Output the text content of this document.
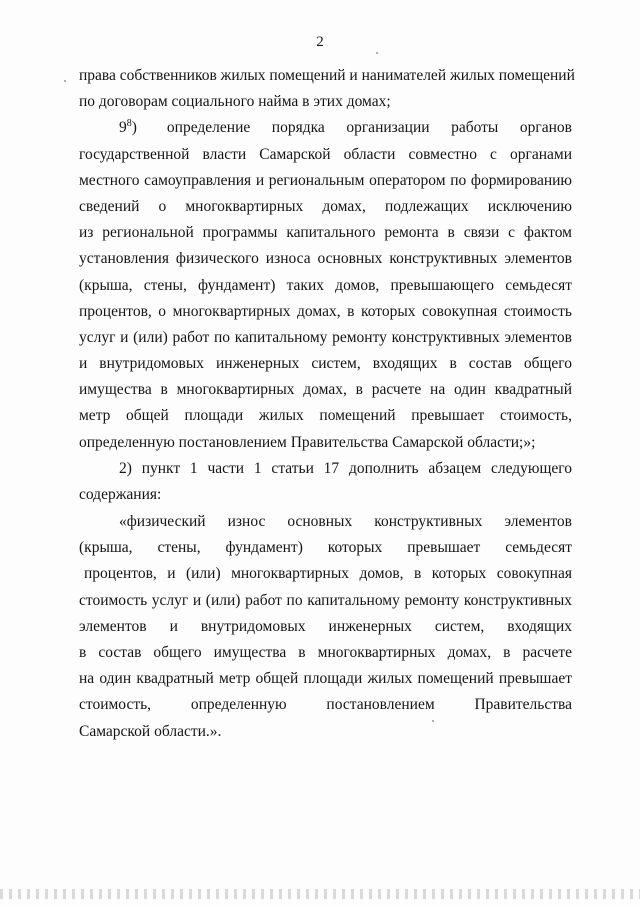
2
права собственников жилых помещений и нанимателей жилых помещений
по договорам социального найма в этих домах;
$9^8$) определение порядка организации работы органов
государственной власти Самарской области совместно с органами
местного самоуправления и региональным оператором по формированию
сведений о многоквартирных домах, подлежащих исключению
из региональной программы капитального ремонта в связи с фактом
установления физического износа основных конструктивных элементов
(крыша, стены, фундамент) таких домов, превышающего семьдесят
процентов, о многоквартирных домах, в которых совокупная стоимость
услуг и (или) работ по капитальному ремонту конструктивных элементов
и внутридомовых инженерных систем, входящих в состав общего
имущества в многоквартирных домах, в расчете на один квадратный
метр общей площади жилых помещений превышает стоимость,
определенную постановлением Правительства Самарской области;»;
2) пункт 1 части 1 статьи 17 дополнить абзацем следующего
содержания:
«физический износ основных конструктивных элементов
(крыша, стены, фундамент) которых превышает семьдесят
процентов, и (или) многоквартирных домов, в которых совокупная
стоимость услуг и (или) работ по капитальному ремонту конструктивных
элементов и внутридомовых инженерных систем, входящих
в состав общего имущества в многоквартирных домах, в расчете
на один квадратный метр общей площади жилых помещений превышает
стоимость, определенную постановлением Правительства
Самарской области.».
